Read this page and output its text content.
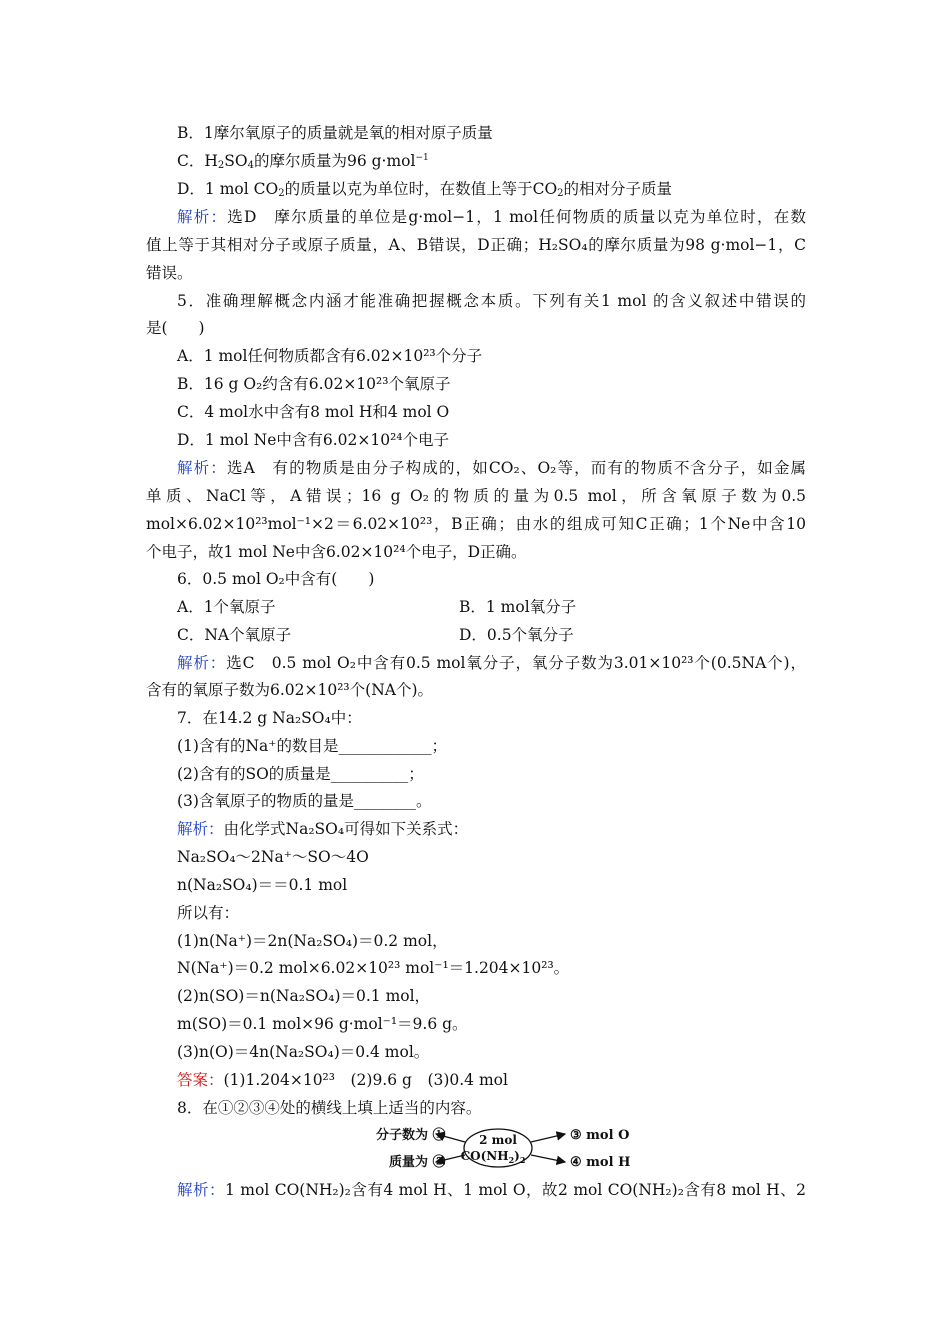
B．1摩尔氧原子的质量就是氧的相对原子质量
C．$H_2SO_4$的摩尔质量为96 g·mol$^{-1}$
D．1 mol $CO_2$的质量以克为单位时，在数值上等于$CO_2$的相对分子质量
解析：选D　摩尔质量的单位是g·mol−1，1 mol任何物质的质量以克为单位时，在数
值上等于其相对分子或原子质量，A、B错误，D正确；H₂SO₄的摩尔质量为98 g·mol−1，C
错误。
5．准确理解概念内涵才能准确把握概念本质。下列有关1 mol 的含义叙述中错误的
是(　　)
A．1 mol任何物质都含有6.02×10²³个分子
B．16 g O₂约含有6.02×10²³个氧原子
C．4 mol水中含有8 mol H和4 mol O
D．1 mol Ne中含有6.02×10²⁴个电子
解析：选A　有的物质是由分子构成的，如CO₂、O₂等，而有的物质不含分子，如金属
单质、NaCl等，A错误；16 g O₂的物质的量为0.5 mol，所含氧原子数为0.5
mol×6.02×10²³mol⁻¹×2＝6.02×10²³，B正确；由水的组成可知C正确；1个Ne中含10
个电子，故1 mol Ne中含6.02×10²⁴个电子，D正确。
6．0.5 mol O₂中含有(　　)
A．1个氧原子	B．1 mol氧分子
C．NA个氧原子	D．0.5个氧分子
解析：选C　0.5 mol O₂中含有0.5 mol氧分子，氧分子数为3.01×10²³个(0.5NA个)，
含有的氧原子数为6.02×10²³个(NA个)。
7．在14.2 g Na₂SO₄中：
(1)含有的Na⁺的数目是____________；
(2)含有的SO的质量是__________；
(3)含氧原子的物质的量是________。
解析：由化学式Na₂SO₄可得如下关系式：
Na₂SO₄～2Na⁺～SO～4O
n(Na₂SO₄)＝＝0.1 mol
所以有：
(1)n(Na⁺)＝2n(Na₂SO₄)＝0.2 mol，
N(Na⁺)＝0.2 mol×6.02×10²³ mol⁻¹＝1.204×10²³。
(2)n(SO)＝n(Na₂SO₄)＝0.1 mol，
m(SO)＝0.1 mol×96 g·mol⁻¹＝9.6 g。
(3)n(O)＝4n(Na₂SO₄)＝0.4 mol。
答案：(1)1.204×10²³　(2)9.6 g　(3)0.4 mol
8．在①②③④处的横线上填上适当的内容。
分子数为 ①
质量为 ②
2 mol
$CO(NH_2)_2$
③ mol O
④ mol H
解析：1 mol CO(NH₂)₂含有4 mol H、1 mol O，故2 mol CO(NH₂)₂含有8 mol H、2
